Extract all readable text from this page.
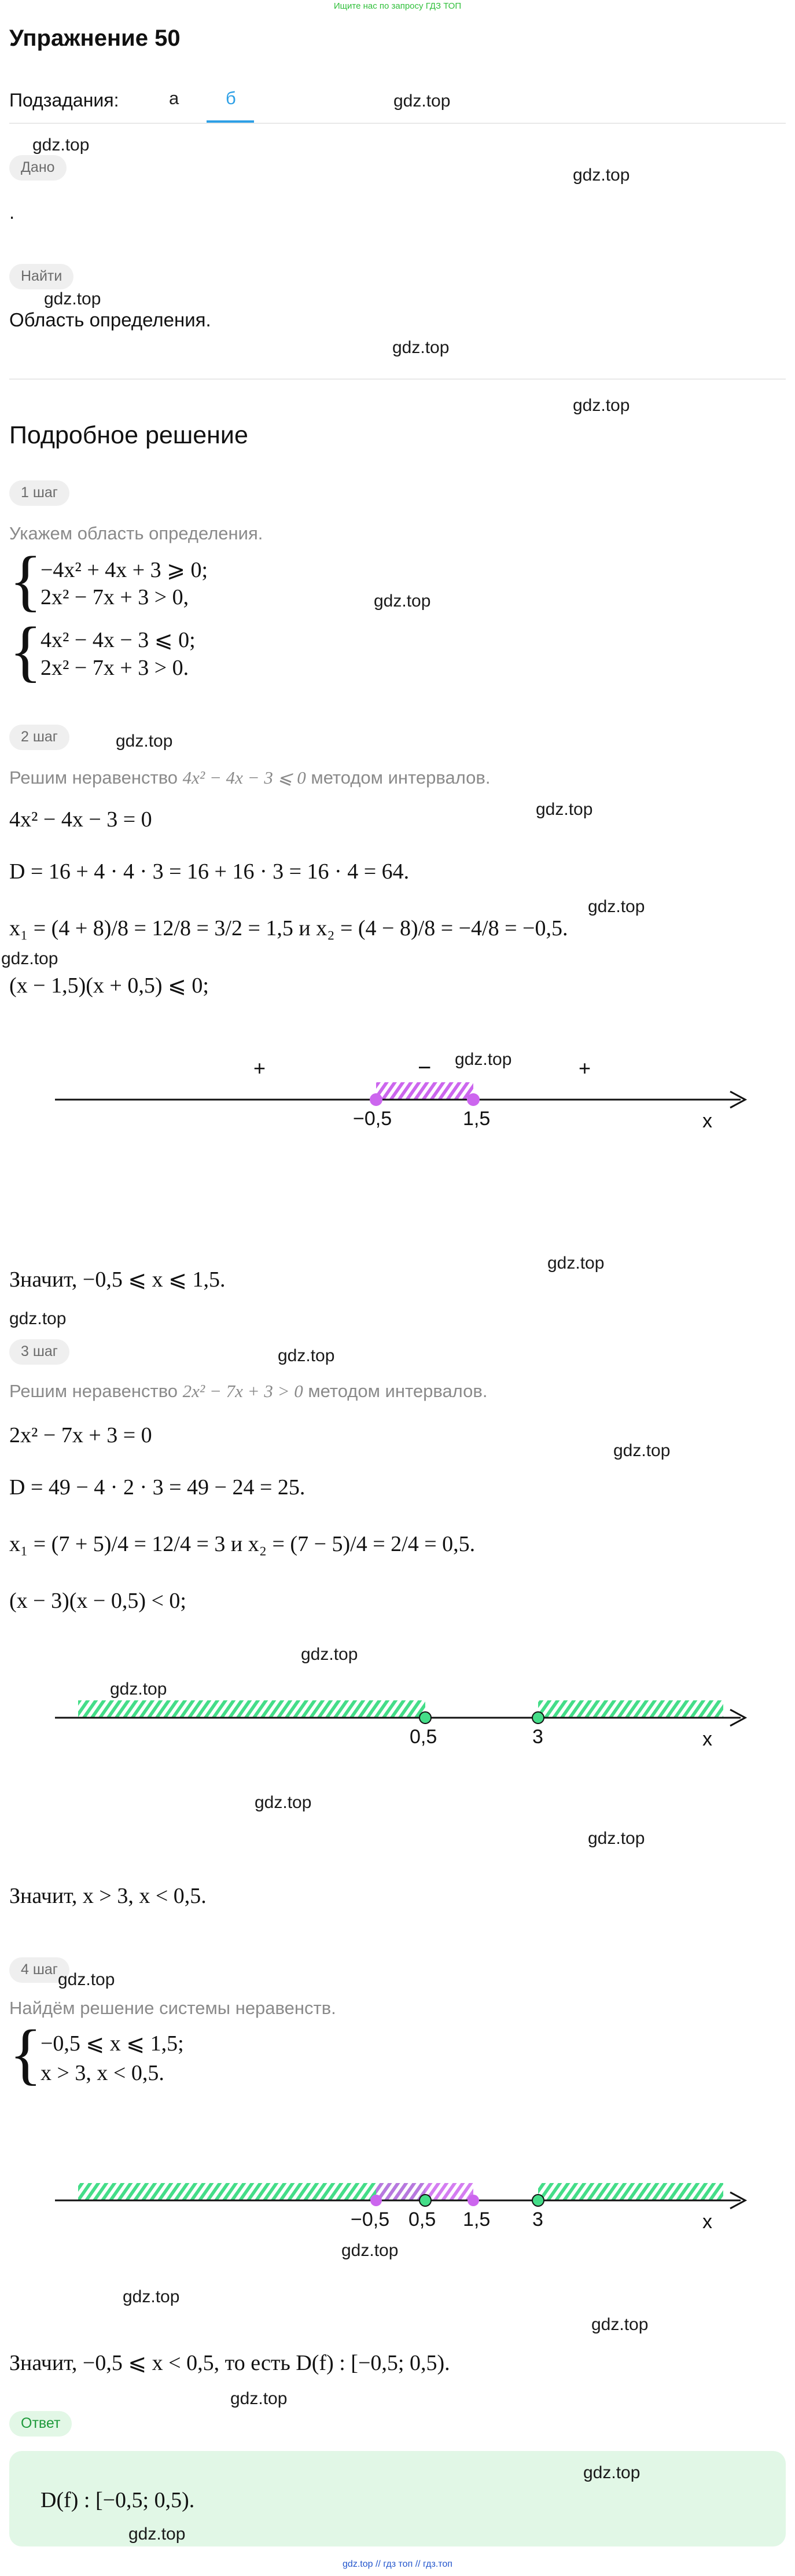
Ищите нас по запросу ГДЗ ТОП
Упражнение 50
Подзадания:	а	б
Дано
.
Найти
Область определения.
Подробное решение
1 шаг
Укажем область определения.
{
−4x² + 4x + 3 ⩾ 0;
2x² − 7x + 3 > 0,
{
4x² − 4x − 3 ⩽ 0;
2x² − 7x + 3 > 0.
2 шаг
Решим неравенство 4x² − 4x − 3 ⩽ 0 методом интервалов.
4x² − 4x − 3 = 0
D = 16 + 4 · 4 · 3 = 16 + 16 · 3 = 16 · 4 = 64.
x₁ = (4 + 8)/8 = 12/8 = 3/2 = 1,5 и x₂ = (4 − 8)/8 = −4/8 = −0,5.
(x − 1,5)(x + 0,5) ⩽ 0;
+	−	+
−0,5	1,5	x
Значит, −0,5 ⩽ x ⩽ 1,5.
3 шаг
Решим неравенство 2x² − 7x + 3 > 0 методом интервалов.
2x² − 7x + 3 = 0
D = 49 − 4 · 2 · 3 = 49 − 24 = 25.
x₁ = (7 + 5)/4 = 12/4 = 3 и x₂ = (7 − 5)/4 = 2/4 = 0,5.
(x − 3)(x − 0,5) < 0;
0,5	3	x
Значит, x > 3, x < 0,5.
4 шаг
Найдём решение системы неравенств.
{
−0,5 ⩽ x ⩽ 1,5;
x > 3, x < 0,5.
−0,5 0,5 1,5 3	x
Значит, −0,5 ⩽ x < 0,5, то есть D(f) : [−0,5; 0,5).
Ответ
D(f) : [−0,5; 0,5).
gdz.top
gdz.top
gdz.top
gdz.top
gdz.top
gdz.top
gdz.top
gdz.top
gdz.top
gdz.top
gdz.top
gdz.top
gdz.top
gdz.top
gdz.top
gdz.top
gdz.top
gdz.top
gdz.top
gdz.top
gdz.top
gdz.top
gdz.top
gdz.top
gdz.top
gdz.top
gdz.top
gdz.top // гдз топ // гдз.топ
